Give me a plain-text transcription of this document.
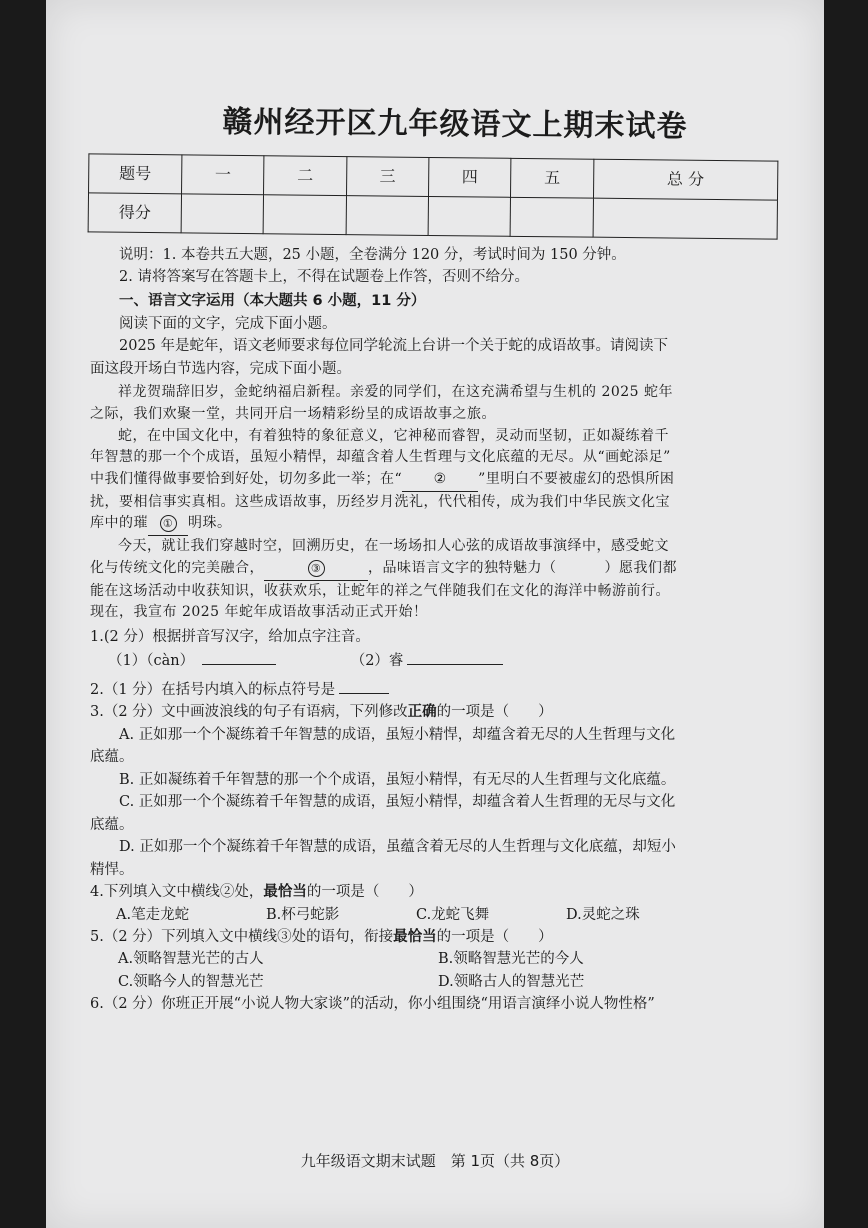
赣州经开区九年级语文上期末试卷
题号	一	二	三	四	五	总 分
得分						

说明：1. 本卷共五大题，25 小题，全卷满分 120 分，考试时间为 150 分钟。

2. 请将答案写在答题卡上，不得在试题卷上作答，否则不给分。

一、语言文字运用（本大题共 6 小题，11 分）

阅读下面的文字，完成下面小题。

2025 年是蛇年，语文老师要求每位同学轮流上台讲一个关于蛇的成语故事。请阅读下

面这段开场白节选内容，完成下面小题。

祥龙贺瑞辞旧岁，金蛇纳福启新程。亲爱的同学们，在这充满希望与生机的 2025 蛇年

之际，我们欢聚一堂，共同开启一场精彩纷呈的成语故事之旅。

蛇，在中国文化中，有着独特的象征意义，它神秘而睿智，灵动而坚韧，正如凝练着千

年智慧的那一个个成语，虽短小精悍，却蕴含着人生哲理与文化底蕴的无尽。从“画蛇添足”

中我们懂得做事要恰到好处，切勿多此一举；在“ ② ”里明白不要被虚幻的恐惧所困

扰，要相信事实真相。这些成语故事，历经岁月洗礼，代代相传，成为我们中华民族文化宝

库中的璀 ① 明珠。

今天，就让我们穿越时空，回溯历史，在一场场扣人心弦的成语故事演绎中，感受蛇文

化与传统文化的完美融合，	③	，品味语言文字的独特魅力（	）愿我们都

能在这场活动中收获知识，收获欢乐，让蛇年的祥之气伴随我们在文化的海洋中畅游前行。

现在，我宣布 2025 年蛇年成语故事活动正式开始！

1.(2 分）根据拼音写汉字，给加点字注音。

（1）（càn）	（2）睿

2.（1 分）在括号内填入的标点符号是

3.（2 分）文中画波浪线的句子有语病，下列修改正确的一项是（　　）

A. 正如那一个个凝练着千年智慧的成语，虽短小精悍，却蕴含着无尽的人生哲理与文化

底蕴。

B. 正如凝练着千年智慧的那一个个成语，虽短小精悍，有无尽的人生哲理与文化底蕴。

C. 正如那一个个凝练着千年智慧的成语，虽短小精悍，却蕴含着人生哲理的无尽与文化

底蕴。

D. 正如那一个个凝练着千年智慧的成语，虽蕴含着无尽的人生哲理与文化底蕴，却短小

精悍。

4.下列填入文中横线②处，最恰当的一项是（　　）

A.笔走龙蛇	B.杯弓蛇影	C.龙蛇飞舞	D.灵蛇之珠

5.（2 分）下列填入文中横线③处的语句，衔接最恰当的一项是（　　）

A.领略智慧光芒的古人	B.领略智慧光芒的今人
C.领略今人的智慧光芒	D.领略古人的智慧光芒

6.（2 分）你班正开展“小说人物大家谈”的活动，你小组围绕“用语言演绎小说人物性格”

九年级语文期末试题　第 1页（共 8页）
